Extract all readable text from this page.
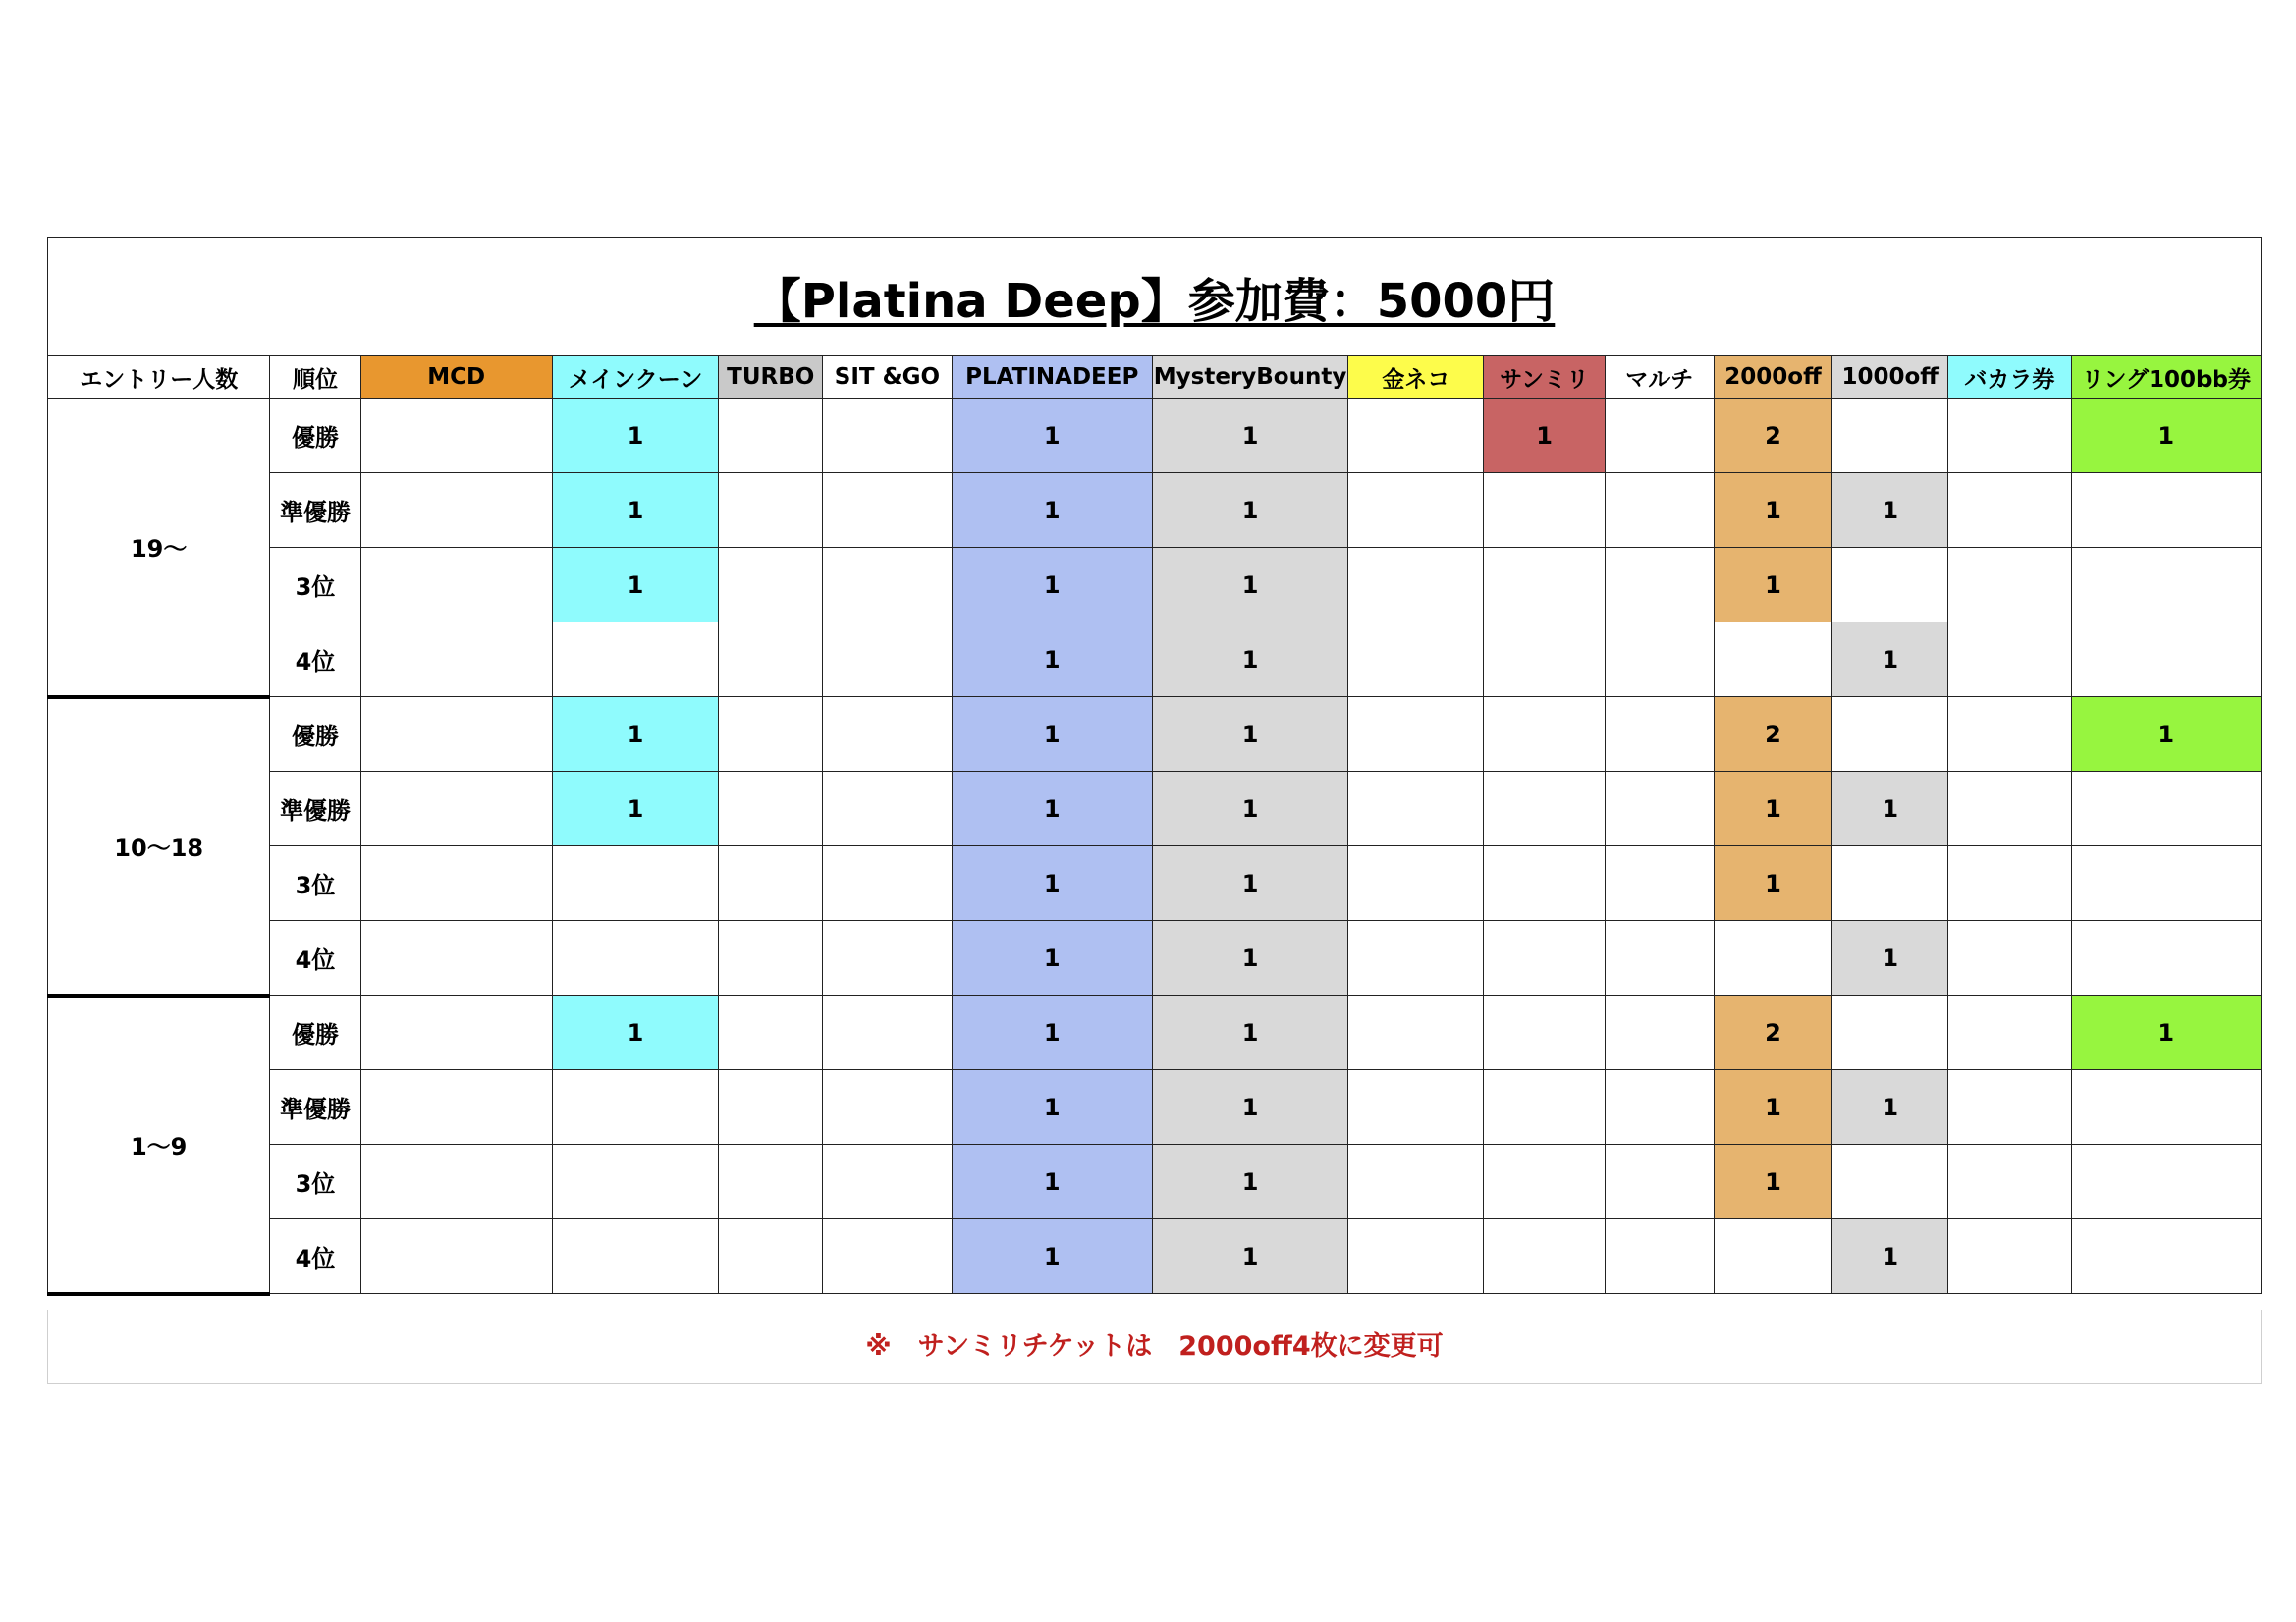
【Platina Deep】参加費：5000円														
エントリー人数	順位	MCD	メインクーン	TURBO	SIT &GO	PLATINADEEP	MysteryBounty	金ネコ	サンミリ	マルチ	2000off	1000off	バカラ券	リング100bb券
19〜	優勝		1			1	1		1		2			1
	準優勝		1			1	1				1	1		
	3位		1			1	1				1			
	4位					1	1					1		
10〜18	優勝		1			1	1				2			1
	準優勝		1			1	1				1	1		
	3位					1	1				1			
	4位					1	1					1		
1〜9	優勝		1			1	1				2			1
	準優勝					1	1				1	1		
	3位					1	1				1			
	4位					1	1					1		
※　サンミリチケットは　2000off4枚に変更可
